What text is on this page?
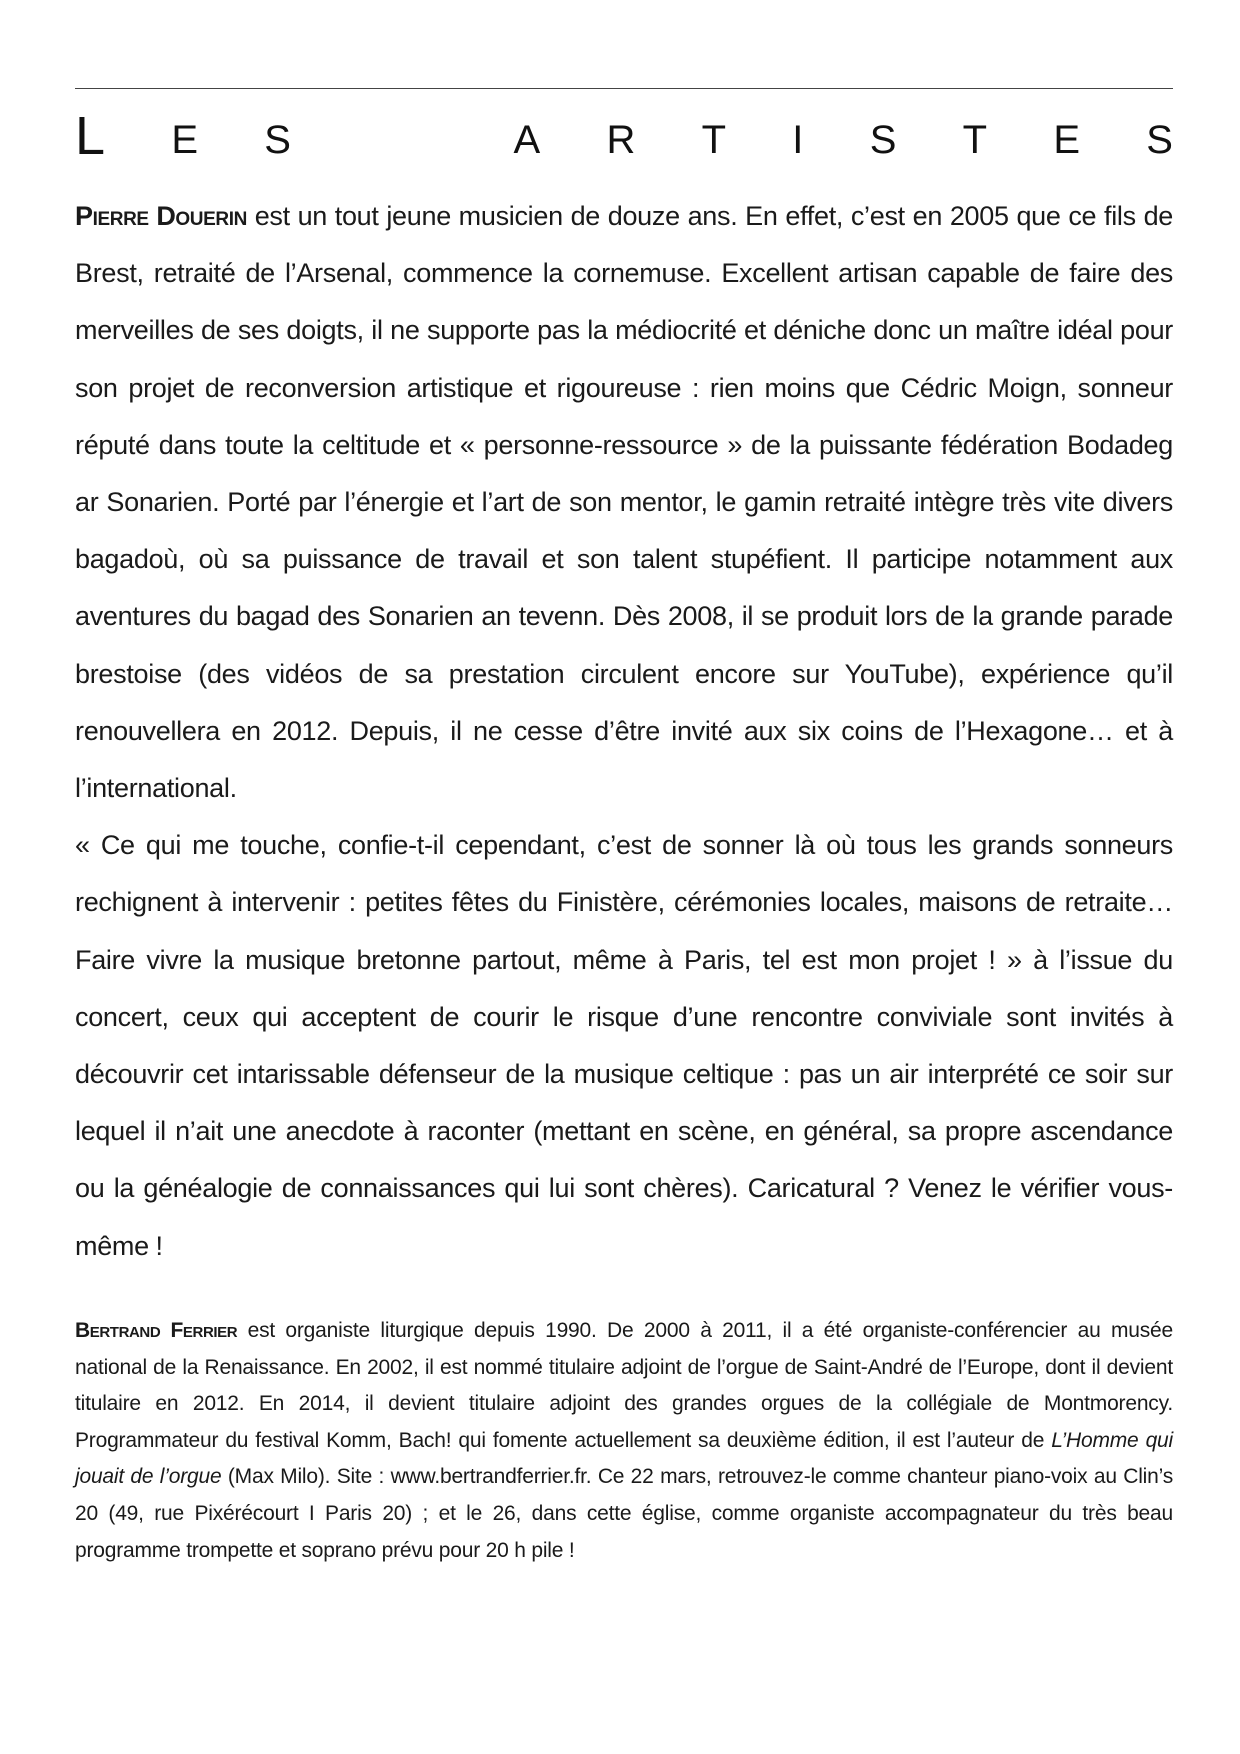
L E S	A R T I S T E S

Pierre Douerin est un tout jeune musicien de douze ans. En effet, c’est en 2005 que ce fils de Brest, retraité de l’Arsenal, commence la cornemuse. Excellent artisan capable de faire des merveilles de ses doigts, il ne supporte pas la médiocrité et déniche donc un maître idéal pour son projet de reconversion artistique et rigoureuse : rien moins que Cédric Moign, sonneur réputé dans toute la celtitude et « personne-ressource » de la puissante fédération Bodadeg ar Sonarien. Porté par l’énergie et l’art de son mentor, le gamin retraité intègre très vite divers bagadoù, où sa puissance de travail et son talent stupéfient. Il participe notamment aux aventures du bagad des Sonarien an tevenn. Dès 2008, il se produit lors de la grande parade brestoise (des vidéos de sa prestation circulent encore sur YouTube), expérience qu’il renouvellera en 2012. Depuis, il ne cesse d’être invité aux six coins de l’Hexagone… et à l’international.

« Ce qui me touche, confie-t-il cependant, c’est de sonner là où tous les grands sonneurs rechignent à intervenir : petites fêtes du Finistère, cérémonies locales, maisons de retraite… Faire vivre la musique bretonne partout, même à Paris, tel est mon projet ! » à l’issue du concert, ceux qui acceptent de courir le risque d’une rencontre conviviale sont invités à découvrir cet intarissable défenseur de la musique celtique : pas un air interprété ce soir sur lequel il n’ait une anecdote à raconter (mettant en scène, en général, sa propre ascendance ou la généalogie de connaissances qui lui sont chères). Caricatural ? Venez le vérifier vous-même !

Bertrand Ferrier est organiste liturgique depuis 1990. De 2000 à 2011, il a été organiste-conférencier au musée national de la Renaissance. En 2002, il est nommé titulaire adjoint de l’orgue de Saint-André de l’Europe, dont il devient titulaire en 2012. En 2014, il devient titulaire adjoint des grandes orgues de la collégiale de Montmorency. Programmateur du festival Komm, Bach! qui fomente actuellement sa deuxième édition, il est l’auteur de L’Homme qui jouait de l’orgue (Max Milo). Site : www.bertrandferrier.fr. Ce 22 mars, retrouvez-le comme chanteur piano-voix au Clin’s 20 (49, rue Pixérécourt I Paris 20) ; et le 26, dans cette église, comme organiste accompagnateur du très beau programme trompette et soprano prévu pour 20 h pile !
